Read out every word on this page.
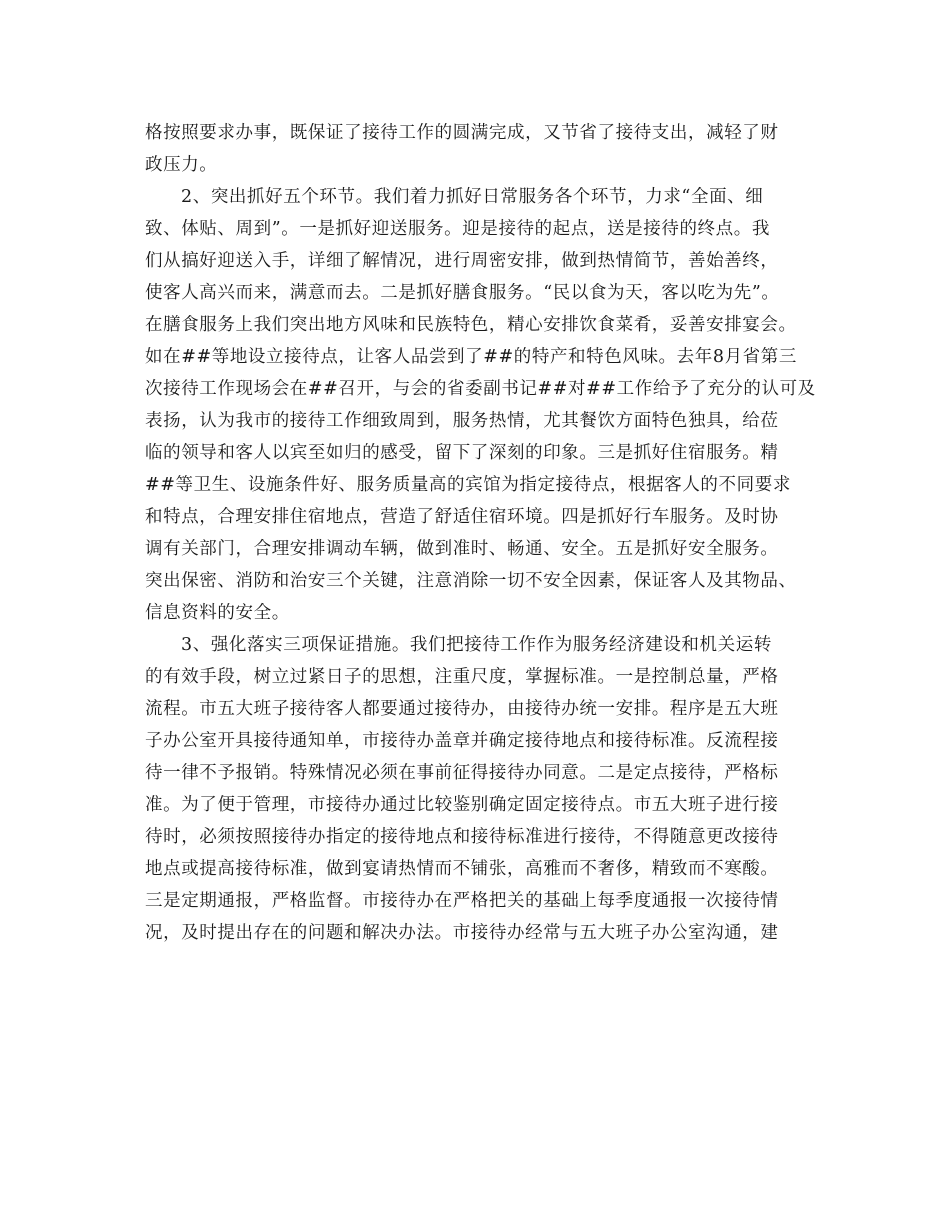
格按照要求办事，既保证了接待工作的圆满完成，又节省了接待支出，减轻了财
政压力。
2、突出抓好五个环节。我们着力抓好日常服务各个环节，力求“全面、细
致、体贴、周到”。一是抓好迎送服务。迎是接待的起点，送是接待的终点。我
们从搞好迎送入手，详细了解情况，进行周密安排，做到热情简节，善始善终，
使客人高兴而来，满意而去。二是抓好膳食服务。“民以食为天，客以吃为先”。
在膳食服务上我们突出地方风味和民族特色，精心安排饮食菜肴，妥善安排宴会。
如在##等地设立接待点，让客人品尝到了##的特产和特色风味。去年8月省第三
次接待工作现场会在##召开，与会的省委副书记##对##工作给予了充分的认可及
表扬，认为我市的接待工作细致周到，服务热情，尤其餐饮方面特色独具，给莅
临的领导和客人以宾至如归的感受，留下了深刻的印象。三是抓好住宿服务。精
##等卫生、设施条件好、服务质量高的宾馆为指定接待点，根据客人的不同要求
和特点，合理安排住宿地点，营造了舒适住宿环境。四是抓好行车服务。及时协
调有关部门，合理安排调动车辆，做到准时、畅通、安全。五是抓好安全服务。
突出保密、消防和治安三个关键，注意消除一切不安全因素，保证客人及其物品、
信息资料的安全。
3、强化落实三项保证措施。我们把接待工作作为服务经济建设和机关运转
的有效手段，树立过紧日子的思想，注重尺度，掌握标准。一是控制总量，严格
流程。市五大班子接待客人都要通过接待办，由接待办统一安排。程序是五大班
子办公室开具接待通知单，市接待办盖章并确定接待地点和接待标准。反流程接
待一律不予报销。特殊情况必须在事前征得接待办同意。二是定点接待，严格标
准。为了便于管理，市接待办通过比较鉴别确定固定接待点。市五大班子进行接
待时，必须按照接待办指定的接待地点和接待标准进行接待，不得随意更改接待
地点或提高接待标准，做到宴请热情而不铺张，高雅而不奢侈，精致而不寒酸。
三是定期通报，严格监督。市接待办在严格把关的基础上每季度通报一次接待情
况，及时提出存在的问题和解决办法。市接待办经常与五大班子办公室沟通，建
